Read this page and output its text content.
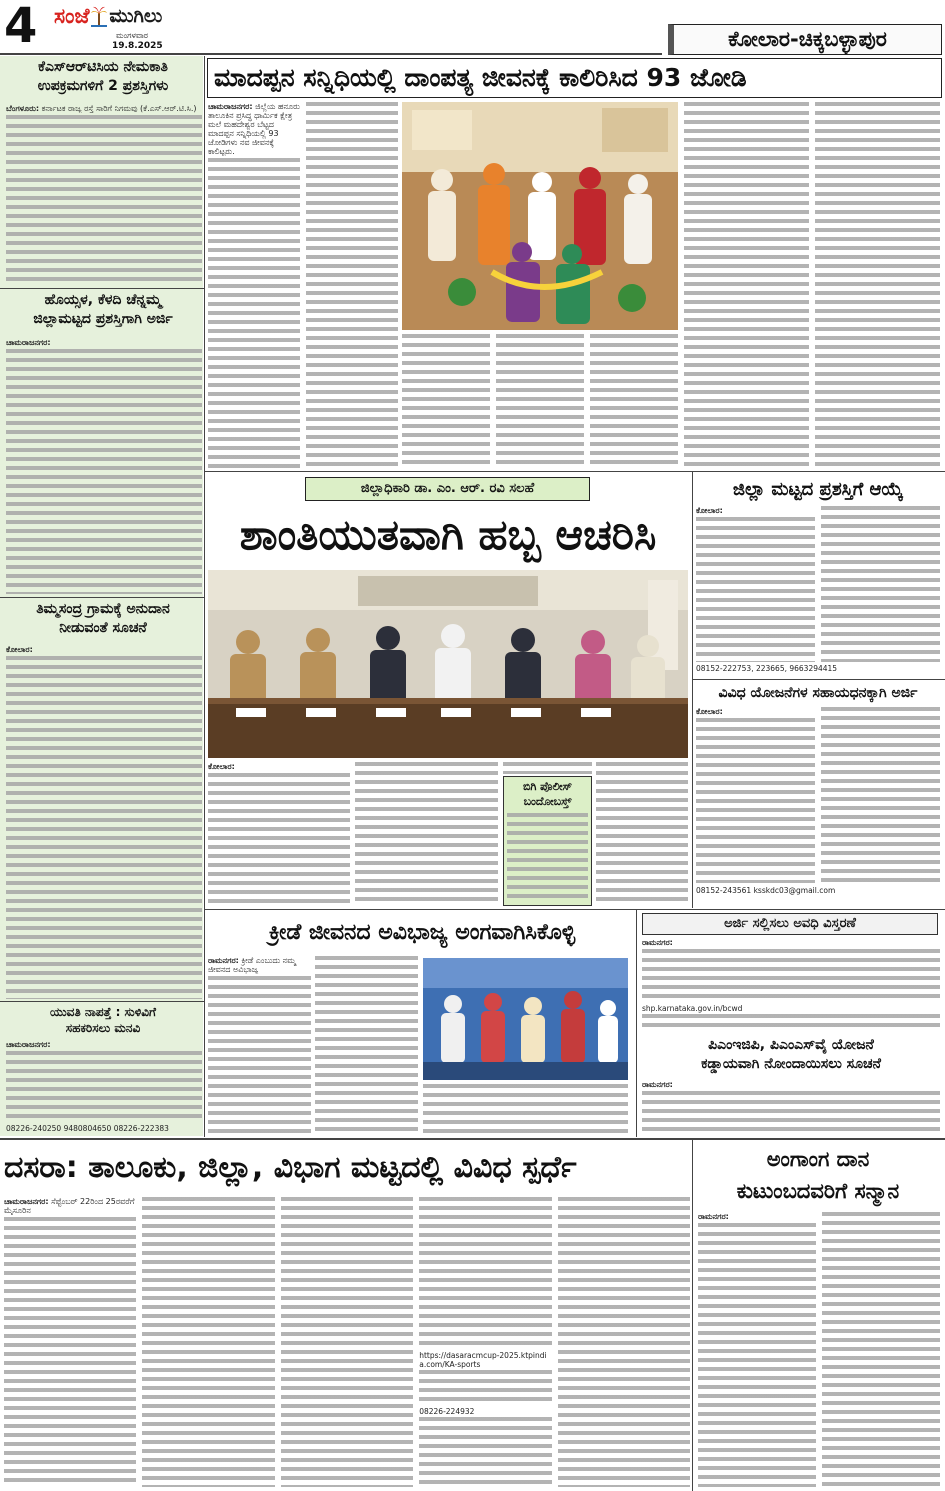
4 ಸಂಜೆ ಮುಗಿಲು
ಮಂಗಳವಾರ
19.8.2025	ಕೋಲಾರ-ಚಿಕ್ಕಬಳ್ಳಾಪುರ
ಕೆಎಸ್‌ಆರ್‌ಟಿಸಿಯ ನೇಮಕಾತಿ
ಉಪಕ್ರಮಗಳಿಗೆ 2 ಪ್ರಶಸ್ತಿಗಳು

ಬೆಂಗಳೂರು: ಕರ್ನಾಟಕ ರಾಜ್ಯ ರಸ್ತೆ ಸಾರಿಗೆ ನಿಗಮವು (ಕೆ.ಎಸ್.ಆರ್.ಟಿ.ಸಿ.)

ಹೊಯ್ಸಳ, ಕೆಳದಿ ಚೆನ್ನಮ್ಮ
ಜಿಲ್ಲಾಮಟ್ಟದ ಪ್ರಶಸ್ತಿಗಾಗಿ ಅರ್ಜಿ

ಚಾಮರಾಜನಗರ:

ತಿಮ್ಮಸಂದ್ರ ಗ್ರಾಮಕ್ಕೆ ಅನುದಾನ
ನೀಡುವಂತೆ ಸೂಚನೆ

ಕೋಲಾರ:

ಯುವತಿ ನಾಪತ್ತೆ : ಸುಳಿವಿಗೆ
ಸಹಕರಿಸಲು ಮನವಿ

ಚಾಮರಾಜನಗರ:

08226-240250 9480804650 08226-222383

ಮಾದಪ್ಪನ ಸನ್ನಿಧಿಯಲ್ಲಿ ದಾಂಪತ್ಯ ಜೀವನಕ್ಕೆ ಕಾಲಿರಿಸಿದ 93 ಜೋಡಿ

ಚಾಮರಾಜನಗರ: ಜಿಲ್ಲೆಯ ಹನೂರು ತಾಲೂಕಿನ ಪ್ರಸಿದ್ಧ ಧಾರ್ಮಿಕ ಕ್ಷೇತ್ರ ಮಲೆ ಮಹದೇಶ್ವರ ಬೆಟ್ಟದ ಮಾದಪ್ಪನ ಸನ್ನಿಧಿಯಲ್ಲಿ 93 ಜೋಡಿಗಳು ನವ ಜೀವನಕ್ಕೆ ಕಾಲಿಟ್ಟರು.

ಜಿಲ್ಲಾಧಿಕಾರಿ ಡಾ. ಎಂ. ಆರ್. ರವಿ ಸಲಹೆ
ಶಾಂತಿಯುತವಾಗಿ ಹಬ್ಬ ಆಚರಿಸಿ

ಕೋಲಾರ:

ಬಿಗಿ ಪೊಲೀಸ್
ಬಂದೋಬಸ್ತ್
ಜಿಲ್ಲಾ ಮಟ್ಟದ ಪ್ರಶಸ್ತಿಗೆ ಆಯ್ಕೆ

ಕೋಲಾರ:

08152-222753, 223665, 9663294415

ವಿವಿಧ ಯೋಜನೆಗಳ ಸಹಾಯಧನಕ್ಕಾಗಿ ಅರ್ಜಿ

ಕೋಲಾರ:

08152-243561 ksskdc03@gmail.com

ಕ್ರೀಡೆ ಜೀವನದ ಅವಿಭಾಜ್ಯ ಅಂಗವಾಗಿಸಿಕೊಳ್ಳಿ

ರಾಮನಗರ: ಕ್ರೀಡೆ ಎಂಬುದು ನಮ್ಮ ಜೀವನದ ಅವಿಭಾಜ್ಯ

ಅರ್ಜಿ ಸಲ್ಲಿಸಲು ಅವಧಿ ವಿಸ್ತರಣೆ

ರಾಮನಗರ:

shp.karnataka.gov.in/bcwd

ಪಿಎಂಇಜಿಪಿ, ಪಿಎಂಎಸ್‌ವೈ ಯೋಜನೆ
ಕಡ್ಡಾಯವಾಗಿ ನೋಂದಾಯಿಸಲು ಸೂಚನೆ

ರಾಮನಗರ:

ದಸರಾ: ತಾಲೂಕು, ಜಿಲ್ಲಾ, ವಿಭಾಗ ಮಟ್ಟದಲ್ಲಿ ವಿವಿಧ ಸ್ಪರ್ಧೆ

ಚಾಮರಾಜನಗರ: ಸೆಪ್ಟೆಂಬರ್ 22ರಿಂದ 25ರವರೆಗೆ ಮೈಸೂರಿನ

https://dasaracmcup-2025.ktpindia.com/KA-sports

08226-224932

ಅಂಗಾಂಗ ದಾನ
ಕುಟುಂಬದವರಿಗೆ ಸನ್ಮಾನ

ರಾಮನಗರ:
